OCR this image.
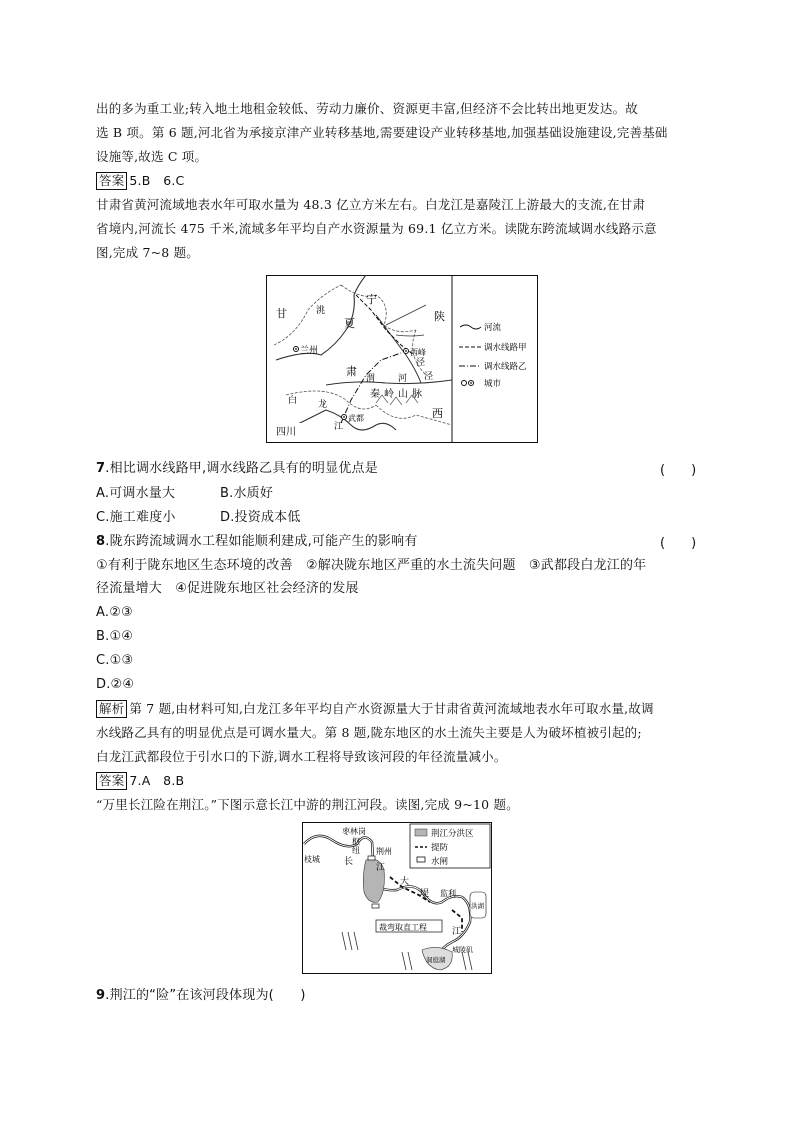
出的多为重工业;转入地土地租金较低、劳动力廉价、资源更丰富,但经济不会比转出地更发达。故
选 B 项。第 6 题,河北省为承接京津产业转移基地,需要建设产业转移基地,加强基础设施建设,完善基础
设施等,故选 C 项。
答案 5.B　6.C
甘肃省黄河流域地表水年可取水量为 48.3 亿立方米左右。白龙江是嘉陵江上游最大的支流,在甘肃
省境内,河流长 475 千米,流域多年平均自产水资源量为 69.1 亿立方米。读陇东跨流域调水线路示意
图,完成 7~8 题。
甘	洮
肃
宁
夏
陕
西
兰州	西峰
渭	河
泾
泾
秦 岭 山 脉
白 龙
江
武都
四川
河流
调水线路甲
调水线路乙
城市
7.相比调水线路甲,调水线路乙具有的明显优点是	(　　)
A.可调水量大	B.水质好
C.施工难度小	D.投资成本低
8.陇东跨流域调水工程如能顺利建成,可能产生的影响有	(　　)
①有利于陇东地区生态环境的改善　②解决陇东地区严重的水土流失问题　③武都段白龙江的年
径流量增大　④促进陇东地区社会经济的发展
A.②③
B.①④
C.①③
D.②④
解析 第 7 题,由材料可知,白龙江多年平均自产水资源量大于甘肃省黄河流域地表水年可取水量,故调
水线路乙具有的明显优点是可调水量大。第 8 题,陇东地区的水土流失主要是人为破坏植被引起的;
白龙江武都段位于引水口的下游,调水工程将导致该河段的年径流量减小。
答案 7.A　8.B
“万里长江险在荆江。”下图示意长江中游的荆江河段。读图,完成 9~10 题。
荆江分洪区
提防
水闸
枣林岗
枢
纽
枝城	长
荆州
江
大
堤 监利
裁弯取直工程	江
城陵矶
洪湖
洞庭湖
9.荆江的“险”在该河段体现为(　　)
